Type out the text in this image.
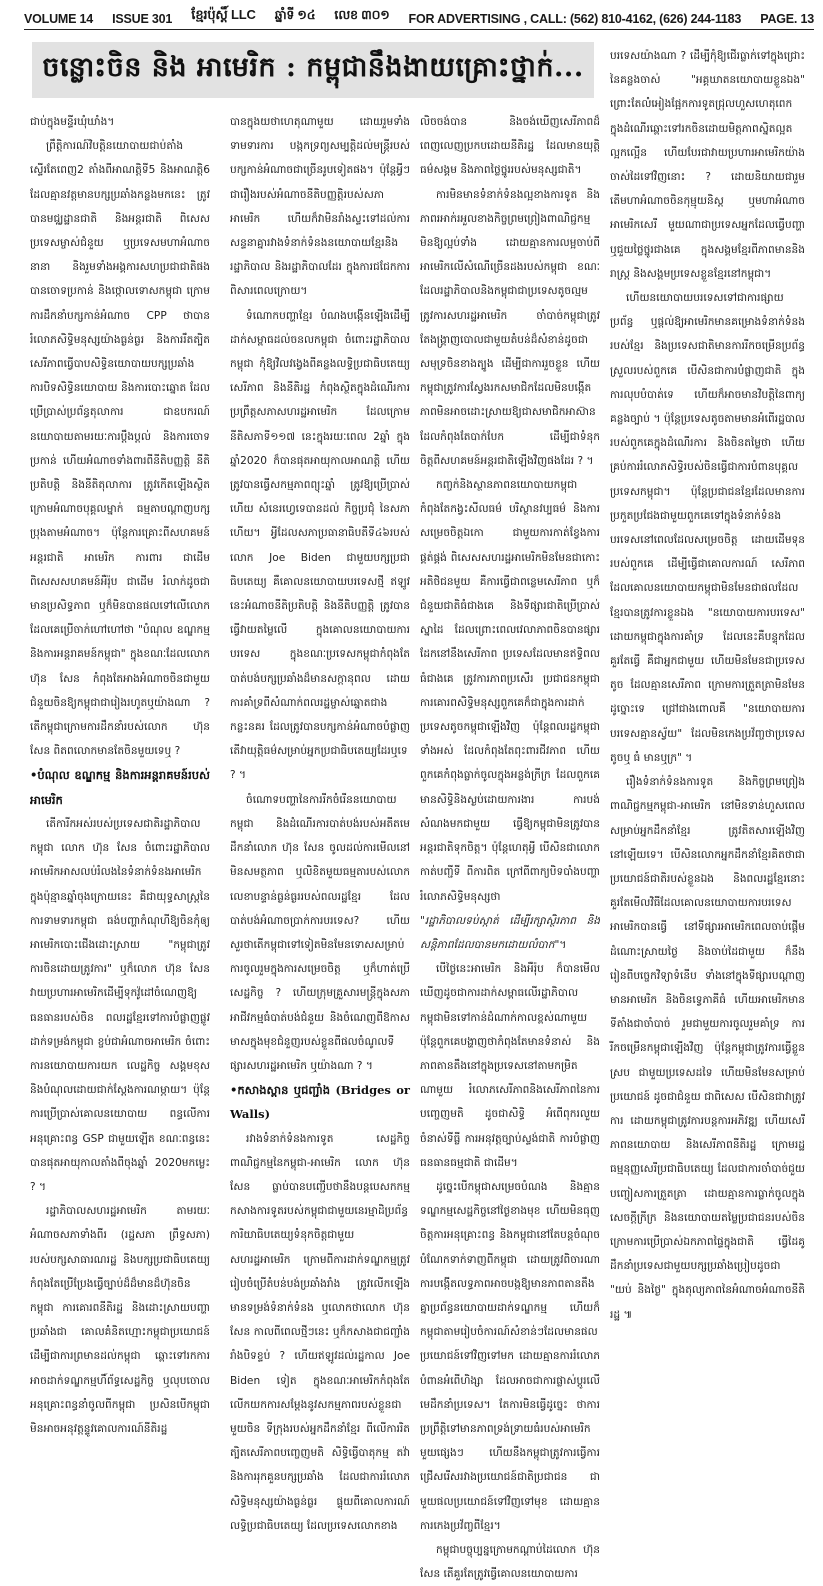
VOLUME 14 ISSUE 301 ខ្មែរប៉ុស្តិ៍ LLC ឆ្នាំទី ១៤ លេខ ៣០១ FOR ADVERTISING , CALL: (562) 810-4162, (626) 244-1183 PAGE. 13
ចន្លោះចិន និង អាមេរិក : កម្ពុជានឹងងាយគ្រោះថ្នាក់...

ជាប់ក្នុងមន្ទីរឃុំឃាំង។

ព្រឹត្តិការណ៍វិបត្តិនយោបាយជាប់តាំងស្ទើរតែពេញ2 តាំងពីអាណត្តិទី5 និងអាណត្តិ6 ដែលគ្មានវត្តមានបក្សប្រឆាំងកន្លងមកនេះ ត្រូវបានមជ្ឈដ្ឋានជាតិ និងអន្តរជាតិ ពិសេសប្រទេសម្ចាស់ជំនួយ ឬប្រទេសមហាអំណាចនានា និងរួមទាំងអង្គការសហប្រជាជាតិផង បានចោទប្រកាន់ និងថ្កោលទោសកម្ពុជា ក្រោមការដឹកនាំបក្សកាន់អំណាច CPP ថាបានរំលោភសិទ្ធិមនុស្សយ៉ាងធ្ងន់ធ្ងរ និងការរឹតត្បិតសេរីភាពធ្វើបាបសិទ្ធិនយោបាយបក្សប្រឆាំង ការបិទសិទ្ធិនយោបាយ និងការបោះឆ្នោត ដែលប្រើប្រាស់ប្រព័ន្ធតុលាការ ជាឧបករណ៍នយោបាយតាមរយៈការប្ដឹងប្ដល់ និងការចោទប្រកាន់ ហើយអំណាចទាំងពារពីនីតិបញ្ញត្តិ នីតិប្រតិបត្តិ និងនីតិតុលាការ ត្រូវកើតឡើងស្ថិតក្រោមអំណាចបុគ្គលម្នាក់ ធម្មតាបណ្ដាញបក្សប្រុងតាមអំណាច។ ប៉ុន្តែការគ្រោះពីសហគមន៍អន្តរជាតិ អាមេរិក ការពារ ជាដើម ពិសេសសហគមន៍អឺរ៉ុប ជាដើម រំលាក់ដូចជាមានប្រសិទ្ធភាព ឬក៏មិនបានផលទៅលើលោកដែលគេប្រើចាក់ហៅហៅថា "បំណុល ឧណ្ឌកម្ម និងការអន្តរាគមន៍កម្ពុជា" ក្នុងខណៈដែលលោក ហ៊ុន សែន កំពុងតែអាងអំណាចចិនជាមួយជំនួយចិនឱ្យកម្ពុជាជារៀងរហូតឬយ៉ាងណា ? តើកម្ពុជាក្រោមការដឹកនាំរបស់លោក ហ៊ុន សែន ពិតពលោកមានតែចិនមួយទេឬ ?

•បំណុល ឧណ្ឌកម្ម និងការអន្តរាគមន៍របស់អាមេរិក

តើការីកអស់របស់ប្រទេសជាតិរដ្ឋាភិបាលកម្ពុជា លោក ហ៊ុន សែន ចំពោះរដ្ឋាភិបាលអាមេរិកអាសលប់រំលងនៃទំនាក់ទំនងអាមេរិកក្នុងប៉ុន្មានឆ្នាំចុងក្រោយនេះ គឺជាយុទ្ធសាស្ត្រនៃការទាមទារកម្ពុជា ធង់បញ្ហាកំណុហីឱ្យចិនកុំឲ្យអាមេរិកបោះជើងដោះស្រាយ "កម្ពុជាត្រូវការចិនដោយត្រូវការ" ឬក៏លោក ហ៊ុន សែន វាយប្រហារអាមេរិកដើម្បីទុកវ៉ូដៅចំណេញឱ្យធនធានរបស់ចិន ពលរដ្ឋខ្មែរទៅការបំផ្លាញផ្លូវដាក់ទម្រង់កម្ពុជា ខ្ចប់ជាអំណាចអាមេរិក ចំពោះការនយោបាយការយក លេដ្ឋកិច្ច សង្គមខុស និងបំណុលដោយជាក់ស្តែងការណម្ភាយ។ ប៉ុន្តែការប្រើប្រាស់គោលនយោបាយ ពន្ធលើការអនុគ្រោះពន្ធ GSP ជាមួយឡើត ខណៈពន្ធនេះបានផុតអាយុកាលតាំងពីចុងឆ្នាំ 2020មកម្លេះ ? ។

រដ្ឋាភិបាលសហរដ្ឋអាមេរិក តាមរយៈអំណាចសភាទាំងពីរ (រដ្ឋសភា ព្រឹទ្ធសភា) របស់បក្សសាធារណរដ្ឋ និងបក្សប្រជាធិបតេយ្យកំពុងតែប្រើប្រែងធ្វើច្បាប់ដ៏ដ៏មានដ៏ហ៊ុនចិន កម្ពុជា ការគោរពនីតិរដ្ឋ និងដោះស្រាយបញ្ហាប្រឆាំងជា គោលគំនិតហ្មោះកម្ពុជាប្រយោជន៍ដើម្បីជាការព្រមានដល់កម្ពុជា ឆ្ពោះទៅរកការអាចដាក់ទណ្ឌកម្មហិ៍ព័ទ្ធសេដ្ឋកិច្ច ឬលុបចោលអនុគ្រោះពន្ធនាំចូលពីកម្ពុជា ប្រសិនបើកម្ពុជាមិនអាចអនុវត្តន្ទូវគោលការណ៍នីតិរដ្ឋ

បានក្នុងយថាហេតុណាមួយ ដោយរួមទាំងទាមទារការ បង្កកទ្រព្យសម្បត្តិដល់មន្ត្រីរបស់បក្សកាន់អំណាចជាច្រើនរូបទៀតផង។ ប៉ុន្តែអ្វីៗជារឿងរបស់អំណាចនីតិបញ្ញត្តិរបស់សភាអាមេរិក ហើយក៏វាមិនរាំងស្ទះទៅដល់ការសន្ទនាគ្នារវាងទំនាក់ទំនងនយោបាយខ្មែរនិងរដ្ឋាភិបាល និងរដ្ឋាភិបាលដែរ ក្នុងការជជែកការពិសារពេលក្រោយ។

ទំណោកបញ្ហាខ្មែរ បំណងបង្កើនឡើងដើម្បីដាក់សម្ពាធដល់ចនលកម្ពុជា ចំពោះរដ្ឋាភិបាលកម្ពុជា កុំឱ្យវិលវង្វេងពីគន្លងលទ្ធិប្រជាធិបតេយ្យ សេរីភាព និងនីតិរដ្ឋ កំពុងស្ថិតក្នុងដំណើរការប្រព្រឹត្តសភាសហរដ្ឋអាមេរិក ដែលក្រោមនីតិសភាទី១១៧ នេះក្នុងរយៈពេល 2ឆ្នាំ ក្នុងឆ្នាំ2020 ក៏បានផុតអាយុកាលអាណត្តិ ហើយត្រូវបានធ្វើសកម្មភាពព្យុះឆ្នាំ ត្រូវឱ្យប្រើប្រាស់ហើយ សំនេរហ្វេទេបានដល់ កិច្ចប្រជុំ នៃសភាហើយ។ អ្វីដែលសភាប្រធានាធិបតីទី៤៦របស់លោក Joe Biden ជាមួយបក្សប្រជាធិបតេយ្យ គឺគោលនយោបាយបរទេសថ្មី ឥឡូវនេះអំណាចនីតិប្រតិបត្តិ និងនីតិបញ្ញត្តិ ត្រូវបានធ្វើវាយតម្លៃលើ ក្នុងគោលនយោបាយការបរទេស ក្នុងខណៈប្រទេសកម្ពុជាកំពុងតែបាត់បង់បក្សប្រឆាំងដ៏មានសក្តានុពល ដោយការគាំទ្រពីសំណាក់ពលរដ្ឋម្ចាស់ឆ្នោតជាងកន្លះនគរ ដែលត្រូវបានបក្សកាន់អំណាចបំផ្លាញ តើវាយុត្តិធម៌សម្រាប់អ្នកប្រជាធិបតេយ្យដែរឬទេ ? ។

ចំណោទបញ្ហានៃការរីកចំរើននយោបាយកម្ពុជា និងដំណើរការបាត់បង់របស់អតីតមេដឹកនាំលោក ហ៊ុន សែន ចូលដល់ការមើលនៅមិនសមត្ថភាព ឬលិខិតមួយធម្មតារបស់លោកលេខាបន្ទាន់ធ្ងន់ធ្ងររបស់ពលរដ្ឋខ្មែរ ដែលបាត់បង់អំណាចប្រាក់ការបរទេស? ហើយសួរថាតើកម្ពុជាទៅទៀតមិនមែនទោសសម្រាប់ការចូលរួមក្នុងការសម្រេចចិត្ត ឬក៏ហាត់ប្រើសេដ្ឋកិច្ច ? ហើយក្រុមគ្រួសារមន្ត្រីក្នុងសភាអាជីវកម្មធំបាត់បង់ជំនួយ និងចំណេញពីឱកាសមាសក្នុងមុខជំនួញរបស់ខ្លួនពីផលចំណូលទីផ្សារសហរដ្ឋអាមេរិក ឬយ៉ាងណា ? ។

•កសាងស្ពាន ឬជញ្ជាំង (Bridges or Walls)

រវាងទំនាក់ទំនងការទូត សេដ្ឋកិច្ច ពាណិជ្ជកម្មនៃកម្ពុជា-អាមេរិក លោក ហ៊ុន សែន ធ្លាប់បានបញ្ជើបថានឹងបន្តបេសកកម្មកសាងការទូតរបស់កម្ពុជាជាមួយនេរម្មាដិប្រព័ន្ធការិយាធិបតេយ្យទំនុកចិត្តជាមួយសហរដ្ឋអាមេរិក ក្រោមពីការដាក់ទណ្ឌកម្មត្រូវរៀបចំប្រើតំបន់បង់ប្រឆាំងរាំង ត្រូវលើកឡើងមានទម្រង់ទំនាក់ទំនង ឬលោកថាលោក ហ៊ុន សែន កាលពីពេលថ្មីៗនេះ ឬក៏កសាងជាជញ្ជាំងរាំងបិទខ្ទប់ ? ហើយឥឡូវដល់រដ្ឋកាល Joe Biden ទៀត ក្នុងខណៈអាមេរិកកំពុងតែលើកយកការសម្តែងនូវសកម្មភាពរបស់ខ្លួនជាមួយចិន ទីក្រុងរបស់អ្នកដឹកនាំខ្មែរ ពីលើការរិតត្បិតសេរីភាពបញ្ចេញមតិ សិទ្ធិធ្វើបាតុកម្ម តវ៉ា និងការរុកគួនបក្សប្រឆាំង ដែលជាការរំលោភសិទ្ធិមនុស្សយ៉ាងធ្ងន់ធ្ងរ ផ្ទុយពីគោលការណ៍លទ្ធិប្រជាធិបតេយ្យ ដែលប្រទេសលោកខាង

លិចចង់បាន និងចង់ឃើញសេរីភាពដ៏ពេញលេញប្រកបដោយនីតិរដ្ឋ ដែលមានយុត្តិធម៌សង្គម និងភាពថ្លៃថ្នូររបស់មនុស្សជាតិ។

ការមិនមានទំនាក់ទំនងល្អខាងការទូត និងភាពរអាក់រអួលខាងកិច្ចព្រមព្រៀងពាណិជ្ជកម្មមិនឱ្យល្អប់ទាំង ដោយគ្មានការលម្អចាប់ពីអាមេរិកលើសំណើច្រើនដងរបស់កម្ពុជា ខណៈដែលរដ្ឋាភិបាលនិងកម្ពុជាជាប្រទេសតូចល្មម ត្រូវការសហរដ្ឋអាមេរិក ចាំបាច់កម្ពុជាត្រូវតែងង្គ្រាញបោលជាមួយតំបន់ដ៏សំខាន់ដូចជាសមុទ្រចិនខាងត្បូង ដើម្បីជាការរួចខ្លួន ហើយកម្ពុជាត្រូវការស្វែងរកសមាជិកដែលមិនបង្កើតភាពមិនអាចដោះស្រាយឱ្យជាសមាជិកអាស៊ាន ដែលកំពុងតែបាក់បែក ដើម្បីជាទំនុកចិត្តពីសហគមន៍អន្តរជាតិឡើងវិញផងដែរ ? ។

កញ្ចក់និងស្ថានភាពនយោបាយកម្ពុជាកំពុងតែកង្វះសីលធម៌ បរិស្ថានវប្បធម៌ និងការសម្រេចចិត្តឯកោ ជាមួយការកាត់ខ្វែងការផ្គត់ផ្គង់ ពិសេសសហរដ្ឋអាមេរិកមិនមែនជាកោះអតិថិជនមួយ គឺការធ្វើជាពន្លេមសេរីភាព ឬក៏ជំនួយជាតិធំជាងគេ និងទីផ្សារជាតិប្រើប្រាស់ស្នាដៃ ដែលព្រោះពេលវេលាភាពចិនបានផ្សារដែកនៅនឹងសេរីភាព ប្រទេសដែលមានឥទ្ធិពលធំជាងគេ ត្រូវការភាពប្រសើរ ប្រជាជនកម្ពុជា ការគោរពសិទ្ធិមនុស្សពួកគេក៏ជាក្នុងការដាក់ប្រទេសតូចកម្ពុជាឡើងវិញ ប៉ុន្តែពលរដ្ឋកម្ពុជាទាំងអស់ ដែលកំពុងតែពុះពារជីវភាព ហើយពួកគេកំពុងធ្លាក់ចូលក្នុងអន្លង់ក្រីក្រ ដែលពួកគេមានសិទ្ធិនិងស្ងប់ដោយការងារ ការបង់សំណងមកជាមួយ ធ្វើឱ្យកម្ពុជាមិនត្រូវបានអន្តរជាតិទុកចិត្ត។ ប៉ុន្តែហេតុអ្វី បើសិនជាលោកកាត់បញ្ជីទី ពីការពិត ក្រៅពីពាក្យបិទបាំងបញ្ហារំលោភសិទ្ធិមនុស្សថា

"រដ្ឋាភិបាលទប់ស្កាត់ ដើម្បីរក្សាស្ថិរភាព និងសន្តិភាពដែលបានមកដោយលំបាក"។

បើថ្ងៃនេះអាមេរិក និងអឺរ៉ុប ក៏បានមើលឃើញដូចជាការដាក់សម្ពាធលើរដ្ឋាភិបាលកម្ពុជាមិនទៅកាន់ដំណាក់កាលខ្ពស់ណាមួយ ប៉ុន្តែពួកគេបង្ហាញថាកំពុងតែមានទំនាស់ និងភាពតានតឹងនៅក្នុងប្រទេសនៅតាមកម្រិតណាមួយ រំលោភសេរីភាពនិងសេរីភាពនៃការបញ្ចេញមតិ ដូចជាសិទ្ធិ អំពើពុករលួយ ចំនាស់ទីធ្លី ការអនុវត្តច្បាប់ស្ទង់ជាតិ ការបំផ្លាញធនធានធម្មជាតិ ជាដើម។

ដូច្នេះបើកម្ពុជាសម្រេចបំណង និងគ្មានទណ្ឌកម្មសេដ្ឋកិច្ចនៅថ្ងៃខាងមុខ ហើយមិនធុញចិត្តការអនុគ្រោះពន្ធ និងកម្ពុជានៅតែបន្តចំណុចបំណែកទាក់ទាញពីកម្ពុជា ដោយត្រូវពិចារណាការបង្កើតលទ្ធភាពអាចបង្កឱ្យមានភាពតានតឹងគ្នាប្រព័ន្ធនយោបាយដាក់ទណ្ឌកម្ម ហើយក៏កម្ពុជាតាមរៀបចំការណ៍សំខាន់ៗដែលមានផលប្រយោជន៍ទៅវិញទៅមក ដោយគ្មានការរំលោភបំពានអំពើហិង្សា ដែលអាចជាការផ្លាស់ប្តូរលើមេដឹកនាំប្រទេស។ តែការមិនធ្វើដូច្នេះ ថាការប្រព្រឹត្តិទៅមានភាពទ្រង់ទ្រាយធំរបស់អាមេរិកមួយផ្សេងៗ ហើយនឹងកម្ពុជាត្រូវការធ្វើការជ្រើសរើសរវាងប្រយោជន៍ជាតិប្រជាជន ជាមួយផលប្រយោជន៍ទៅវិញទៅមុខ ដោយគ្មានការកេងប្រវ័ញ្ចពីខ្មែរ។

កម្ពុជាបច្ចុប្បន្នក្រោមកណ្តាប់ដៃលោក ហ៊ុន សែន តើគួរតែត្រូវធ្វើគោលនយោបាយការ

បរទេសយ៉ាងណា ? ដើម្បីកុំឱ្យជើរធ្លាក់ទៅក្នុងជ្រោះនៃគន្លងចាស់ "អគ្គឃាតនយោបាយខ្លួនឯង" ព្រោះតែលំអៀងផ្អែកការទូតជ្រុលហួសហេតុពេក ក្នុងដំណើរឆ្ពោះទៅរកចិនដោយមិត្តភាពស្និតល្អតល្អកល្អើន ហើយបែរជាវាយប្រហារអាមេរិកយ៉ាងចាស់ដៃទៅវិញនោះ ? ដោយនិយាយជារួម តើមហាអំណាចចិនកុម្មុយនិស្ត ឬមហាអំណាចអាមេរិកសេរី មួយណាជាប្រទេសអ្នកដែលធ្វើបញ្ហា ឬជួយថ្លៃថ្នូរជាងគេ ក្នុងសង្គមខ្មែរពីភាពមាននិងរាស្ត្រ និងសង្គមប្រទេសខ្លួនខ្មែរនៅកម្ពុជា។

ហើយនយោបាយបរទេសទៅជាការផ្សាយប្រព័ន្ធ ឬផ្តល់ឱ្យអាមេរិកមានគម្រោងទំនាក់ទំនងរបស់ខ្មែរ និងប្រទេសជាតិមានការរីកចម្រើនប្រព័ន្ធស្រួលរបស់ពួកគេ បើសិនជាការបំផ្លាញជាតិ ក្នុងការលុបបំបាត់ទេ ហើយក៏អាចមានវិបត្តិនៃពាក្យគន្លងច្បាប់ ។ ប៉ុន្តែប្រទេសតូចតាមមានអំពើរដ្ឋបាលរបស់ពួកគេក្នុងដំណើរការ និងចិនតម្លៃថា ហើយគ្រប់ការរំលោភសិទ្ធិរបស់ចិនធ្វើជាការបំពានបុគ្គលប្រទេសកម្ពុជា។ ប៉ុន្តែប្រជាជនខ្មែរដែលមានការប្រកួតប្រជែងជាមួយពួកគេទៅក្នុងទំនាក់ទំនងបរទេសនៅពេលដែលសម្រេចចិត្ត ដោយដើមទុនរបស់ពួកគេ ដើម្បីធ្វើជាគោលការណ៍ សេរីភាពដែលគោលនយោបាយកម្ពុជាមិនមែនជាផលដែលខ្មែរបានត្រូវការខ្លួនឯង "នយោបាយការបរទេស" ដោយកម្ពុជាក្នុងការគាំទ្រ ដែលនេះគឺបន្ទុកដែលគួរតែធ្វើ គឺជាអ្នកជាមួយ ហើយមិនមែនជាប្រទេសតូច ដែលគ្មានសេរីភាព ក្រោមការត្រួតត្រាមិនមែនដូច្នោះទេ ជ្រៅជាងពោលគឺ "នយោបាយការបរទេសគ្មានស្វ័យ" ដែលមិនកេងប្រវ័ញ្ចថាប្រទេសតូចឬ ធំ មានឬក្រ" ។

រឿងទំនាក់ទំនងការទូត និងកិច្ចព្រមព្រៀងពាណិជ្ជកម្មកម្ពុជា-អាមេរិក នៅមិនទាន់ហួសពេលសម្រាប់អ្នកដឹកនាំខ្មែរ ត្រូវតិតសារឡើងវិញនៅឡើយទេ។ បើសិនលោកអ្នកដឹកនាំខ្មែរគិតថាជាប្រយោជន៍ជាតិរបស់ខ្លួនឯង និងពលរដ្ឋខ្មែរនោះ គួរតែមើលវិធីដែលគោលនយោបាយការបរទេសអាមេរិកបានធ្វើ នៅទីផ្សារអាមេរិកពេលចាប់ផ្តើមដំណោះស្រាយថ្ងៃ និងចាប់ដៃជាមួយ ក៏នឹងរៀនពីបច្ចេកវិទ្យាទំនើប ទាំងនៅក្នុងទីផ្សារបណ្តាញមានអាមេរិក និងចិនទ្វេភាគីធំ ហើយអាមេរិកមានទីតាំងជាចាំបាច់ រួមជាមួយការចូលរួមគាំទ្រ ការរីកចម្រើនកម្ពុជាឡើងវិញ ប៉ុន្តែកម្ពុជាត្រូវការធ្វើខ្លួនស្រប ជាមួយប្រទេសដទៃ ហើយមិនមែនសម្រាប់ប្រយោជន៍ ដូចជាជំនួយ ជាពិសេស បើសិនជាវាត្រូវការ ដោយកម្ពុជាត្រូវការបន្តការអភិវឌ្ឍ ហើយសេរីភាពនយោបាយ និងសេរីភាពនីតិរដ្ឋ ក្រោមរដ្ឋធម្មនុញ្ញសេរីប្រជាធិបតេយ្យ ដែលជាការចាំបាច់ជួយបញ្ចៀសការត្រួតត្រា ដោយគ្មានការធ្លាក់ចូលក្នុងសេចក្តីក្រីក្រ និងនយោបាយតម្លៃប្រជាជនរបស់ចិន ក្រោមការប្រើប្រាស់ឯកភាពផ្ទៃក្នុងជាតិ ធ្វើដៃគូដឹកនាំប្រទេសជាមួយបក្សប្រឆាំងប្រៀបដូចជា "យប់ និងថ្ងៃ" ក្នុងតុល្យភាពនៃអំណាចអំណាចនីតិរដ្ឋ ៕
